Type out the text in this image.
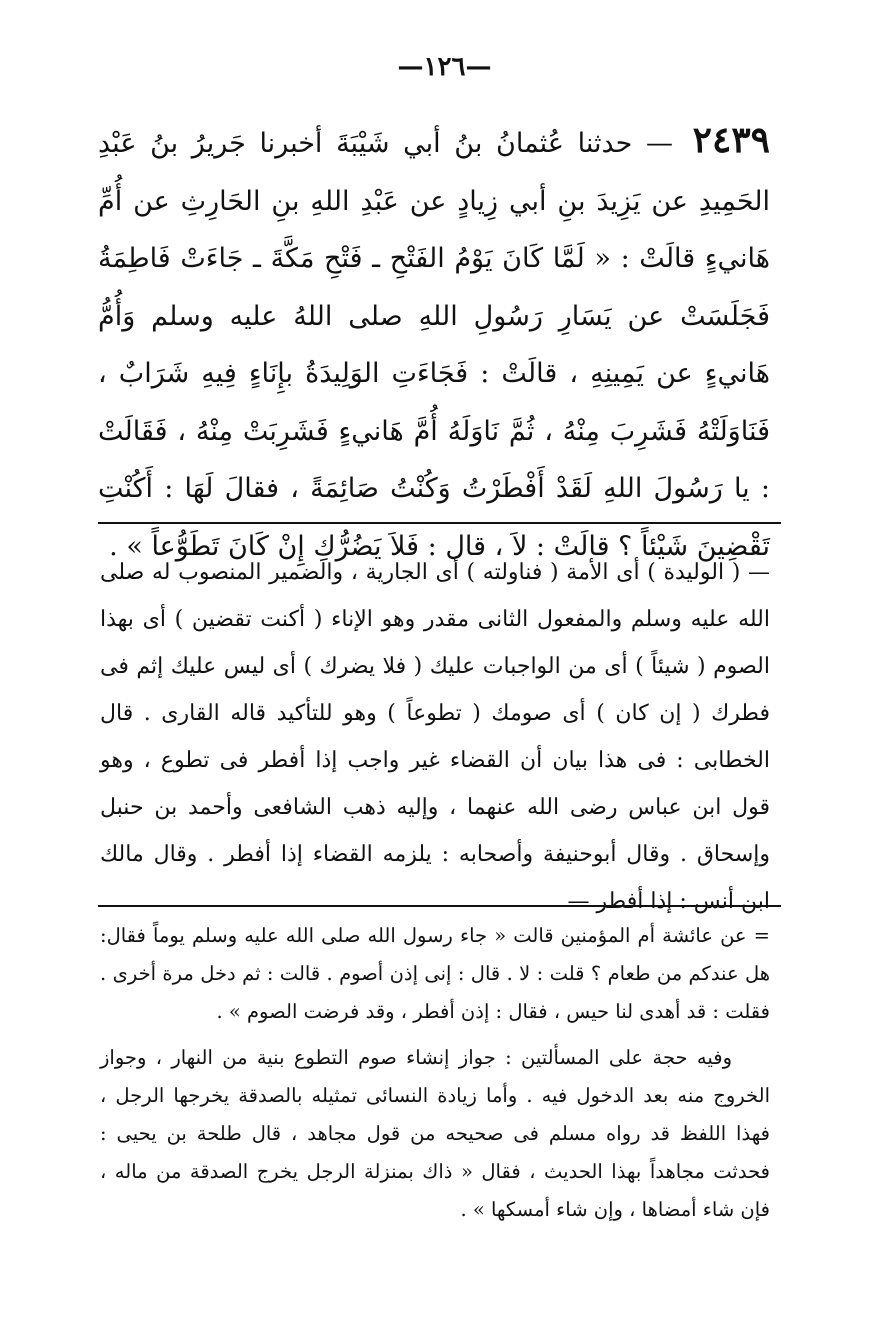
—١٢٦—
٢٤٣٩ — حدثنا عُثمانُ بنُ أبي شَيْبَةَ أخبرنا جَريرُ بنُ عَبْدِ الحَمِيدِ عن يَزِيدَ بنِ أبي زِيادٍ عن عَبْدِ اللهِ بنِ الحَارِثِ عن أُمِّ هَانيءٍ قالَتْ : « لَمَّا كَانَ يَوْمُ الفَتْحِ ـ فَتْحِ مَكَّةَ ـ جَاءَتْ فَاطِمَةُ فَجَلَسَتْ عن يَسَارِ رَسُولِ اللهِ صلى اللهُ عليه وسلم وَأُمُّ هَانيءٍ عن يَمِينِهِ ، قالَتْ : فَجَاءَتِ الوَلِيدَةُ بإِنَاءٍ فِيهِ شَرَابٌ ، فَنَاوَلَتْهُ فَشَرِبَ مِنْهُ ، ثُمَّ نَاوَلَهُ أُمَّ هَانيءٍ فَشَرِبَتْ مِنْهُ ، فَقَالَتْ : يا رَسُولَ اللهِ لَقَدْ أَفْطَرْتُ وَكُنْتُ صَائِمَةً ، فقالَ لَهَا : أَكُنْتِ تَقْضِينَ شَيْئاً ؟ قالَتْ : لاَ ، قال : فَلاَ يَضُرُّكِ إِنْ كَانَ تَطَوُّعاً » .
— ( الوليدة ) أى الأمة ( فناولته ) أى الجارية ، والضمير المنصوب له صلى الله عليه وسلم والمفعول الثانى مقدر وهو الإناء ( أكنت تقضين ) أى بهذا الصوم ( شيئاً ) أى من الواجبات عليك ( فلا يضرك ) أى ليس عليك إثم فى فطرك ( إن كان ) أى صومك ( تطوعاً ) وهو للتأكيد قاله القارى . قال الخطابى : فى هذا بيان أن القضاء غير واجب إذا أفطر فى تطوع ، وهو قول ابن عباس رضى الله عنهما ، وإليه ذهب الشافعى وأحمد بن حنبل وإسحاق . وقال أبوحنيفة وأصحابه : يلزمه القضاء إذا أفطر . وقال مالك ابن أنس : إذا أفطر —

= عن عائشة أم المؤمنين قالت « جاء رسول الله صلى الله عليه وسلم يوماً فقال: هل عندكم من طعام ؟ قلت : لا . قال : إنى إذن أصوم . قالت : ثم دخل مرة أخرى . فقلت : قد أهدى لنا حيس ، فقال : إذن أفطر ، وقد فرضت الصوم » .

وفيه حجة على المسألتين : جواز إنشاء صوم التطوع بنية من النهار ، وجواز الخروج منه بعد الدخول فيه . وأما زيادة النسائى تمثيله بالصدقة يخرجها الرجل ، فهذا اللفظ قد رواه مسلم فى صحيحه من قول مجاهد ، قال طلحة بن يحيى : فحدثت مجاهداً بهذا الحديث ، فقال « ذاك بمنزلة الرجل يخرج الصدقة من ماله ، فإن شاء أمضاها ، وإن شاء أمسكها » .
